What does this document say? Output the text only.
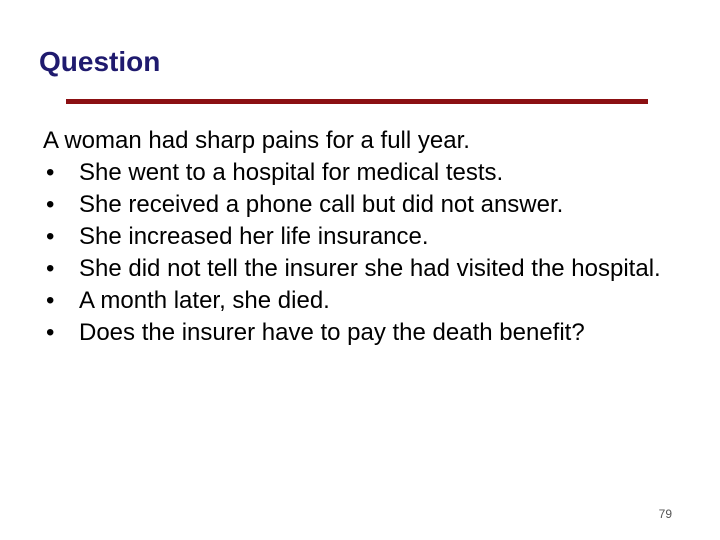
Question

A woman had sharp pains for a full year.

•	She went to a hospital for medical tests.
•	She received a phone call but did not answer.
•	She increased her life insurance.
•	She did not tell the insurer she had visited the hospital.
•	A month later, she died.
•	Does the insurer have to pay the death benefit?
79
